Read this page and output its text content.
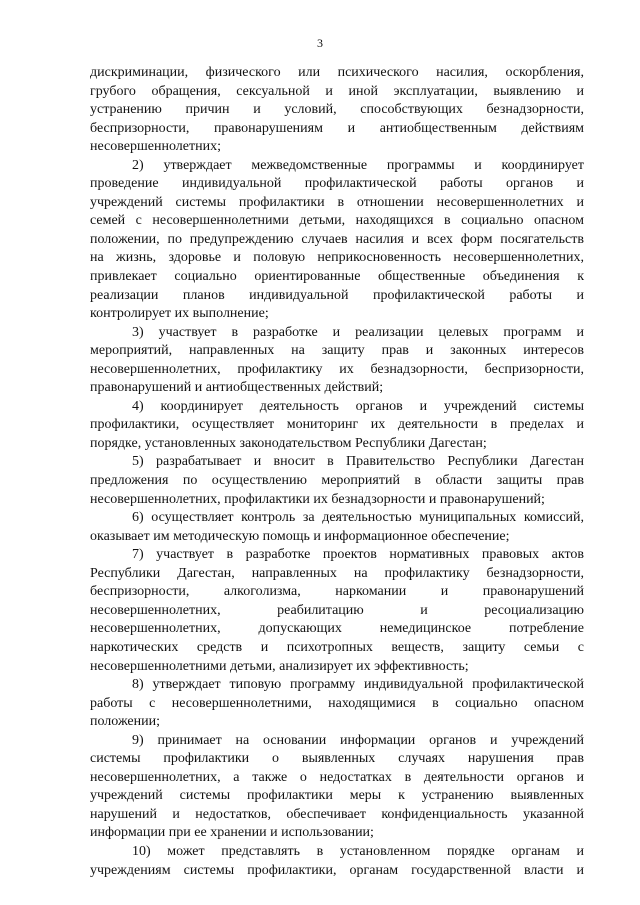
3
дискриминации, физического или психического насилия, оскорбления,
грубого обращения, сексуальной и иной эксплуатации, выявлению и
устранению причин и условий, способствующих безнадзорности,
беспризорности, правонарушениям и антиобщественным действиям
несовершеннолетних;
2) утверждает межведомственные программы и координирует
проведение индивидуальной профилактической работы органов и
учреждений системы профилактики в отношении несовершеннолетних и
семей с несовершеннолетними детьми, находящихся в социально опасном
положении, по предупреждению случаев насилия и всех форм посягательств
на жизнь, здоровье и половую неприкосновенность несовершеннолетних,
привлекает социально ориентированные общественные объединения к
реализации планов индивидуальной профилактической работы и
контролирует их выполнение;
3) участвует в разработке и реализации целевых программ и
мероприятий, направленных на защиту прав и законных интересов
несовершеннолетних, профилактику их безнадзорности, беспризорности,
правонарушений и антиобщественных действий;
4) координирует деятельность органов и учреждений системы
профилактики, осуществляет мониторинг их деятельности в пределах и
порядке, установленных законодательством Республики Дагестан;
5) разрабатывает и вносит в Правительство Республики Дагестан
предложения по осуществлению мероприятий в области защиты прав
несовершеннолетних, профилактики их безнадзорности и правонарушений;
6) осуществляет контроль за деятельностью муниципальных комиссий,
оказывает им методическую помощь и информационное обеспечение;
7) участвует в разработке проектов нормативных правовых актов
Республики Дагестан, направленных на профилактику безнадзорности,
беспризорности, алкоголизма, наркомании и правонарушений
несовершеннолетних, реабилитацию и ресоциализацию
несовершеннолетних, допускающих немедицинское потребление
наркотических средств и психотропных веществ, защиту семьи с
несовершеннолетними детьми, анализирует их эффективность;
8) утверждает типовую программу индивидуальной профилактической
работы с несовершеннолетними, находящимися в социально опасном
положении;
9) принимает на основании информации органов и учреждений
системы профилактики о выявленных случаях нарушения прав
несовершеннолетних, а также о недостатках в деятельности органов и
учреждений системы профилактики меры к устранению выявленных
нарушений и недостатков, обеспечивает конфиденциальность указанной
информации при ее хранении и использовании;
10) может представлять в установленном порядке органам и
учреждениям системы профилактики, органам государственной власти и
